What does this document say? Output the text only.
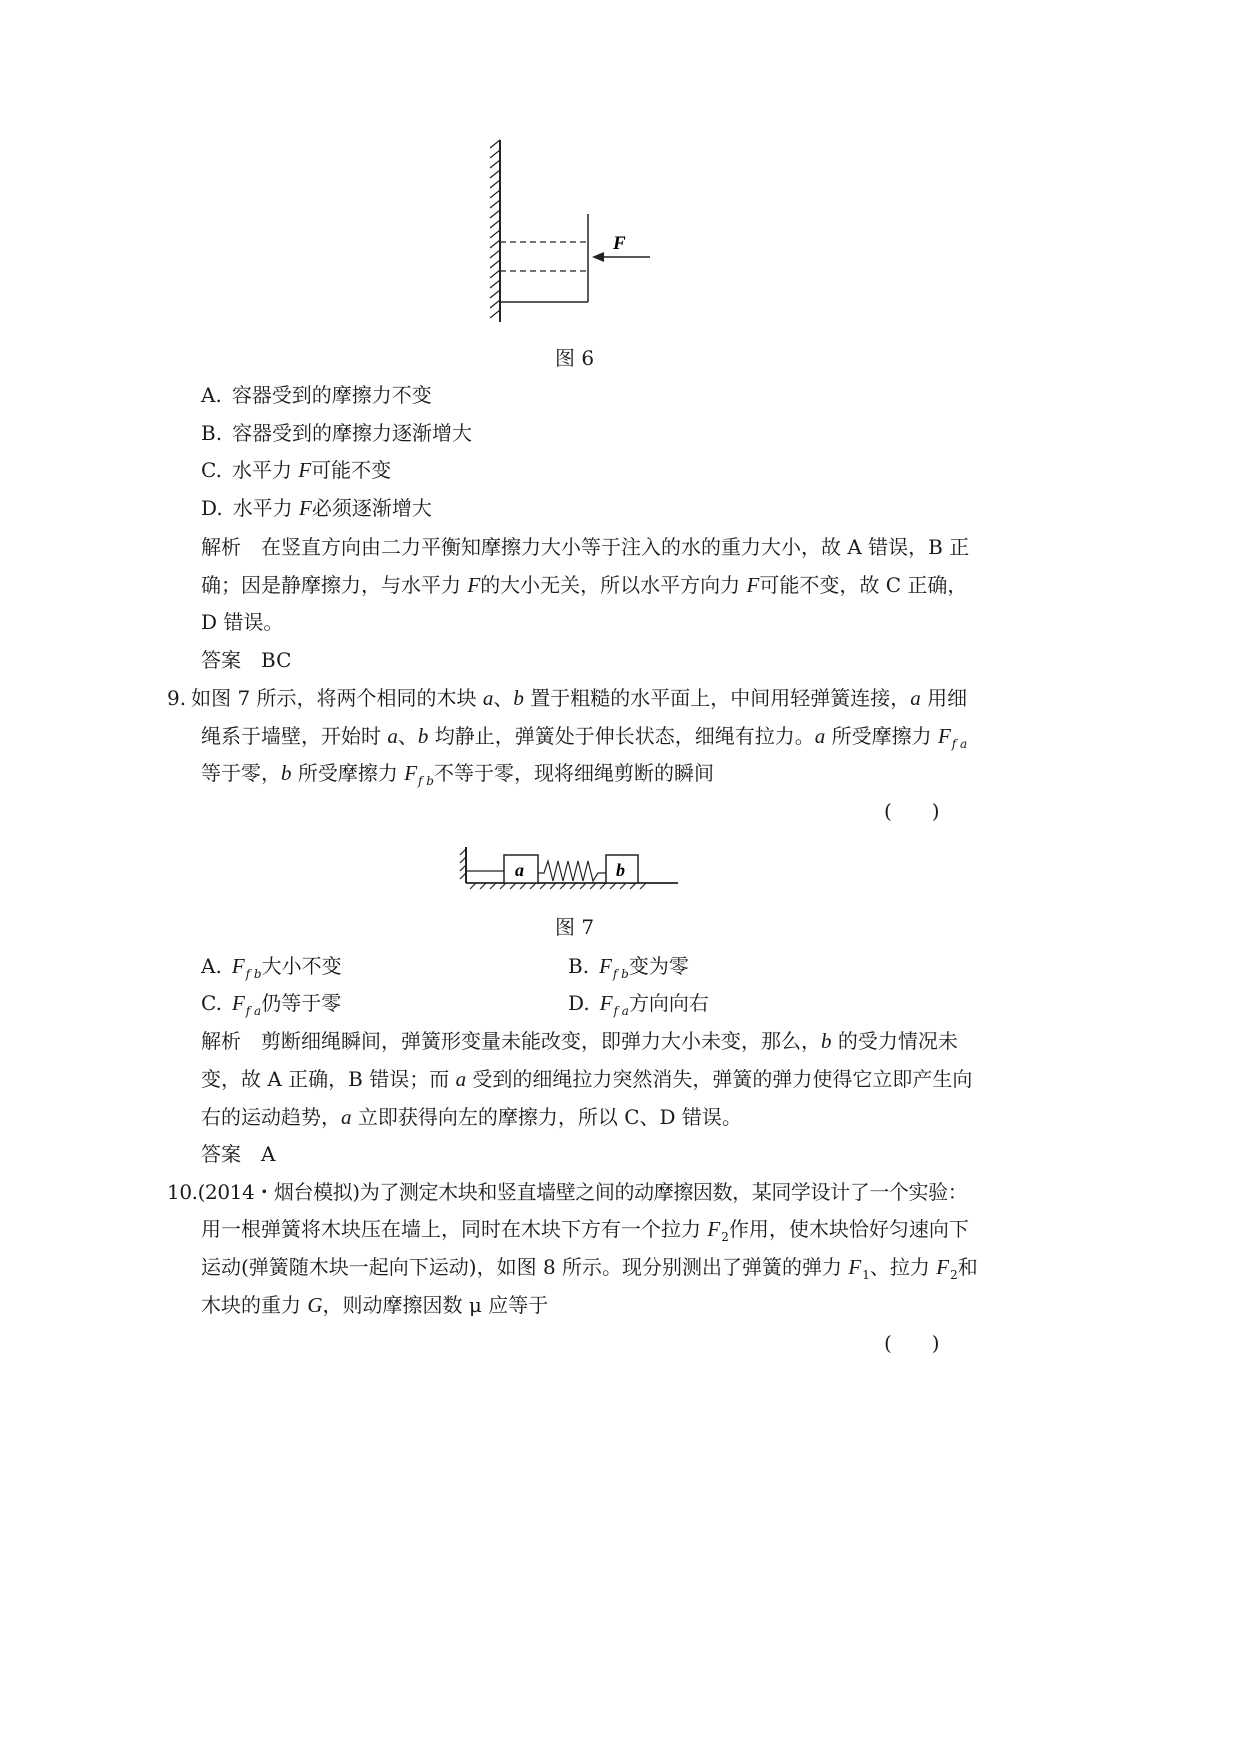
F
图 6
A.  容器受到的摩擦力不变
B.  容器受到的摩擦力逐渐增大
C.  水平力 F可能不变
D.  水平力 F必须逐渐增大
解析　 在竖直方向由二力平衡知摩擦力大小等于注入的水的重力大小，故 A 错误，B 正
确；因是静摩擦力，与水平力 F的大小无关，所以水平方向力 F可能不变，故 C 正确，
D 错误。
答案　 BC
9.  如图 7 所示，将两个相同的木块 a、b 置于粗糙的水平面上，中间用轻弹簧连接，a 用细
绳系于墙壁，开始时 a、b 均静止，弹簧处于伸长状态，细绳有拉力。a 所受摩擦力 $F_{f a}$
等于零，b 所受摩擦力 $F_{f b}$不等于零，现将细绳剪断的瞬间
(　　)
a	b
图 7
A.  $F_{f b}$大小不变	B.  $F_{f b}$变为零
C.  $F_{f a}$仍等于零	D.  $F_{f a}$方向向右
解析　 剪断细绳瞬间，弹簧形变量未能改变，即弹力大小未变，那么，b 的受力情况未
变，故 A 正确，B 错误；而 a 受到的细绳拉力突然消失，弹簧的弹力使得它立即产生向
右的运动趋势，a 立即获得向左的摩擦力，所以 C、D 错误。
答案　 A
10.(2014・烟台模拟)为了测定木块和竖直墙壁之间的动摩擦因数，某同学设计了一个实验：
用一根弹簧将木块压在墙上，同时在木块下方有一个拉力 $F_2$作用，使木块恰好匀速向下
运动(弹簧随木块一起向下运动)，如图 8 所示。现分别测出了弹簧的弹力 $F_1$、拉力 $F_2$和
木块的重力 G，则动摩擦因数 μ 应等于
(　　)
